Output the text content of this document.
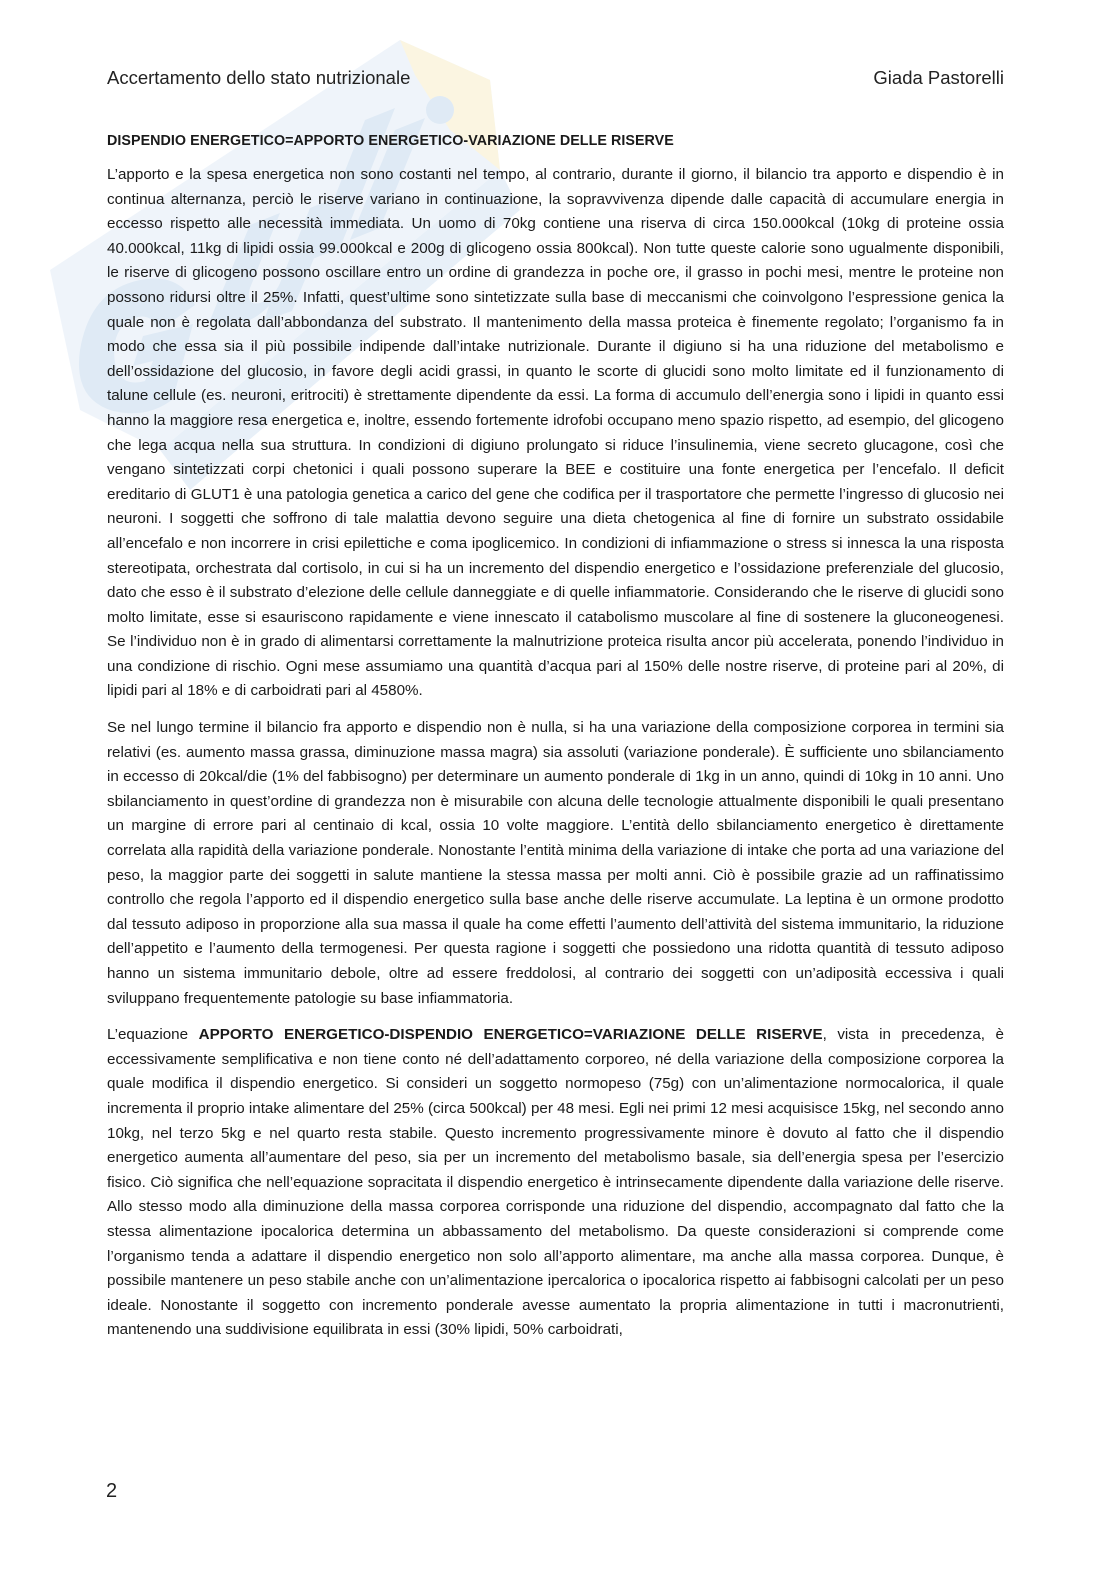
Accertamento dello stato nutrizionale	Giada Pastorelli
DISPENDIO ENERGETICO=APPORTO ENERGETICO-VARIAZIONE DELLE RISERVE

L’apporto e la spesa energetica non sono costanti nel tempo, al contrario, durante il giorno, il bilancio tra apporto e dispendio è in continua alternanza, perciò le riserve variano in continuazione, la sopravvivenza dipende dalle capacità di accumulare energia in eccesso rispetto alle necessità immediata. Un uomo di 70kg contiene una riserva di circa 150.000kcal (10kg di proteine ossia 40.000kcal, 11kg di lipidi ossia 99.000kcal e 200g di glicogeno ossia 800kcal). Non tutte queste calorie sono ugualmente disponibili, le riserve di glicogeno possono oscillare entro un ordine di grandezza in poche ore, il grasso in pochi mesi, mentre le proteine non possono ridursi oltre il 25%. Infatti, quest’ultime sono sintetizzate sulla base di meccanismi che coinvolgono l’espressione genica la quale non è regolata dall’abbondanza del substrato. Il mantenimento della massa proteica è finemente regolato; l’organismo fa in modo che essa sia il più possibile indipende dall’intake nutrizionale. Durante il digiuno si ha una riduzione del metabolismo e dell’ossidazione del glucosio, in favore degli acidi grassi, in quanto le scorte di glucidi sono molto limitate ed il funzionamento di talune cellule (es. neuroni, eritrociti) è strettamente dipendente da essi. La forma di accumulo dell’energia sono i lipidi in quanto essi hanno la maggiore resa energetica e, inoltre, essendo fortemente idrofobi occupano meno spazio rispetto, ad esempio, del glicogeno che lega acqua nella sua struttura. In condizioni di digiuno prolungato si riduce l’insulinemia, viene secreto glucagone, così che vengano sintetizzati corpi chetonici i quali possono superare la BEE e costituire una fonte energetica per l’encefalo. Il deficit ereditario di GLUT1 è una patologia genetica a carico del gene che codifica per il trasportatore che permette l’ingresso di glucosio nei neuroni. I soggetti che soffrono di tale malattia devono seguire una dieta chetogenica al fine di fornire un substrato ossidabile all’encefalo e non incorrere in crisi epilettiche e coma ipoglicemico. In condizioni di infiammazione o stress si innesca la una risposta stereotipata, orchestrata dal cortisolo, in cui si ha un incremento del dispendio energetico e l’ossidazione preferenziale del glucosio, dato che esso è il substrato d’elezione delle cellule danneggiate e di quelle infiammatorie. Considerando che le riserve di glucidi sono molto limitate, esse si esauriscono rapidamente e viene innescato il catabolismo muscolare al fine di sostenere la gluconeogenesi. Se l’individuo non è in grado di alimentarsi correttamente la malnutrizione proteica risulta ancor più accelerata, ponendo l’individuo in una condizione di rischio. Ogni mese assumiamo una quantità d’acqua pari al 150% delle nostre riserve, di proteine pari al 20%, di lipidi pari al 18% e di carboidrati pari al 4580%.

Se nel lungo termine il bilancio fra apporto e dispendio non è nulla, si ha una variazione della composizione corporea in termini sia relativi (es. aumento massa grassa, diminuzione massa magra) sia assoluti (variazione ponderale). È sufficiente uno sbilanciamento in eccesso di 20kcal/die (1% del fabbisogno) per determinare un aumento ponderale di 1kg in un anno, quindi di 10kg in 10 anni. Uno sbilanciamento in quest’ordine di grandezza non è misurabile con alcuna delle tecnologie attualmente disponibili le quali presentano un margine di errore pari al centinaio di kcal, ossia 10 volte maggiore. L’entità dello sbilanciamento energetico è direttamente correlata alla rapidità della variazione ponderale. Nonostante l’entità minima della variazione di intake che porta ad una variazione del peso, la maggior parte dei soggetti in salute mantiene la stessa massa per molti anni. Ciò è possibile grazie ad un raffinatissimo controllo che regola l’apporto ed il dispendio energetico sulla base anche delle riserve accumulate. La leptina è un ormone prodotto dal tessuto adiposo in proporzione alla sua massa il quale ha come effetti l’aumento dell’attività del sistema immunitario, la riduzione dell’appetito e l’aumento della termogenesi. Per questa ragione i soggetti che possiedono una ridotta quantità di tessuto adiposo hanno un sistema immunitario debole, oltre ad essere freddolosi, al contrario dei soggetti con un’adiposità eccessiva i quali sviluppano frequentemente patologie su base infiammatoria.

L’equazione APPORTO ENERGETICO-DISPENDIO ENERGETICO=VARIAZIONE DELLE RISERVE, vista in precedenza, è eccessivamente semplificativa e non tiene conto né dell’adattamento corporeo, né della variazione della composizione corporea la quale modifica il dispendio energetico. Si consideri un soggetto normopeso (75g) con un’alimentazione normocalorica, il quale incrementa il proprio intake alimentare del 25% (circa 500kcal) per 48 mesi. Egli nei primi 12 mesi acquisisce 15kg, nel secondo anno 10kg, nel terzo 5kg e nel quarto resta stabile. Questo incremento progressivamente minore è dovuto al fatto che il dispendio energetico aumenta all’aumentare del peso, sia per un incremento del metabolismo basale, sia dell’energia spesa per l’esercizio fisico. Ciò significa che nell’equazione sopracitata il dispendio energetico è intrinsecamente dipendente dalla variazione delle riserve. Allo stesso modo alla diminuzione della massa corporea corrisponde una riduzione del dispendio, accompagnato dal fatto che la stessa alimentazione ipocalorica determina un abbassamento del metabolismo. Da queste considerazioni si comprende come l’organismo tenda a adattare il dispendio energetico non solo all’apporto alimentare, ma anche alla massa corporea. Dunque, è possibile mantenere un peso stabile anche con un’alimentazione ipercalorica o ipocalorica rispetto ai fabbisogni calcolati per un peso ideale. Nonostante il soggetto con incremento ponderale avesse aumentato la propria alimentazione in tutti i macronutrienti, mantenendo una suddivisione equilibrata in essi (30% lipidi, 50% carboidrati,

2
